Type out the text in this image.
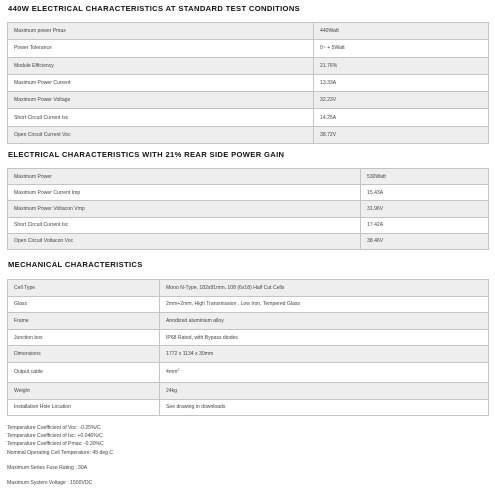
440W ELECTRICAL CHARACTERISTICS AT STANDARD TEST CONDITIONS
Maximum power Pmax	440Watt
Power Tolerance	0~ + 5Watt
Module Efficiency	21.76%
Maximum Power Current	13.33A
Maximum Power Voltage	32.23V
Short Circuit Current Isc	14.25A
Open Circuit Current Voc	38.72V
ELECTRICAL CHARACTERISTICS WITH 21% REAR SIDE POWER GAIN
Maximum Power	530Watt
Maximum Power Current Imp	15.43A
Maximum Power Voltacon Vmp	31.96V
Short Circuit Current Isc	17.42A
Open Circuit Voltacon Voc	38.46V
MECHANICAL CHARACTERISTICS
Cell Type	Mono N-Type, 182x91mm, 108 (6x18) Half Cut Cells
Glass	2mm+2mm, High Transmission , Low Iron, Tempered Glass
Frame	Anodized aluminium alloy
Junction box	IP68 Rated, with Bypass diodes
Dimensions	1772 x 1134 x 30mm
Output cable	$4mm^2$
Weight	24kg
Installation Hole Location	See drawing in downloads
Temperature Coefficient of Voc: -0.25%/C
Temperature Coefficient of Isc: +0.046%/C
Temperature Coefficient of Pmax: -0.30%C
Nominal Operating Cell Temperature: 45 deg C
Maximum Series Fuse Rating : 30A
Maximum System Voltage : 1500VDC
